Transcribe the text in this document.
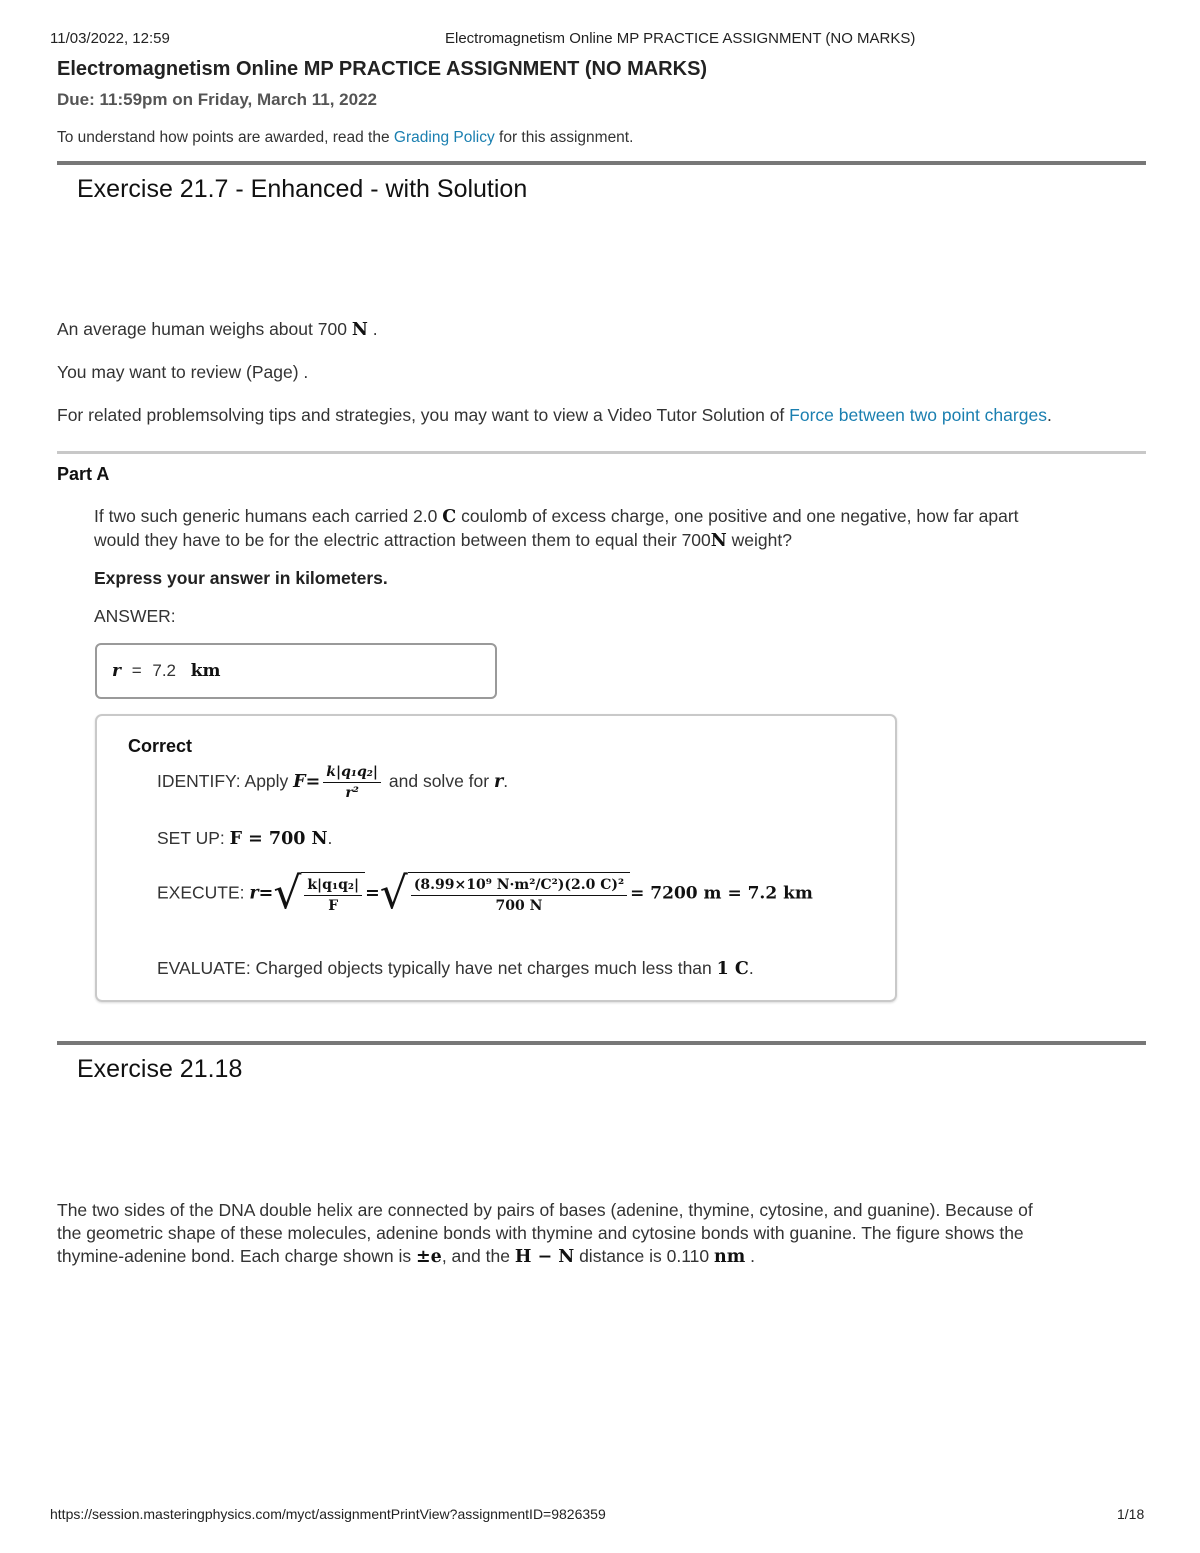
11/03/2022, 12:59	Electromagnetism Online MP PRACTICE ASSIGNMENT (NO MARKS)
Electromagnetism Online MP PRACTICE ASSIGNMENT (NO MARKS)
Due: 11:59pm on Friday, March 11, 2022
To understand how points are awarded, read the Grading Policy for this assignment.
Exercise 21.7 - Enhanced - with Solution
An average human weighs about 700 N .
You may want to review (Page) .
For related problemsolving tips and strategies, you may want to view a Video Tutor Solution of Force between two point charges.
Part A
If two such generic humans each carried 2.0 C coulomb of excess charge, one positive and one negative, how far apart
would they have to be for the electric attraction between them to equal their 700N weight?
Express your answer in kilometers.
ANSWER:
r = 7.2 km
Correct
IDENTIFY: Apply $F= \frac{\text{k|q₁q₂|}}{\text{r²}}$ and solve for r.
SET UP: F = 700 N.
EXECUTE: $r=√ \frac{\text{k|q₁q₂|}}{F}$ =√ $\frac{\text{(8.99×10⁹ N·m²/C²)(2.0 C)²}}{700 N} = 7200$ m = 7.2 km
EVALUATE: Charged objects typically have net charges much less than 1 C.
Exercise 21.18
The two sides of the DNA double helix are connected by pairs of bases (adenine, thymine, cytosine, and guanine). Because of
the geometric shape of these molecules, adenine bonds with thymine and cytosine bonds with guanine. The figure shows the
thymine-adenine bond. Each charge shown is ±e, and the H − N distance is 0.110 nm .
https://session.masteringphysics.com/myct/assignmentPrintView?assignmentID=9826359	1/18
